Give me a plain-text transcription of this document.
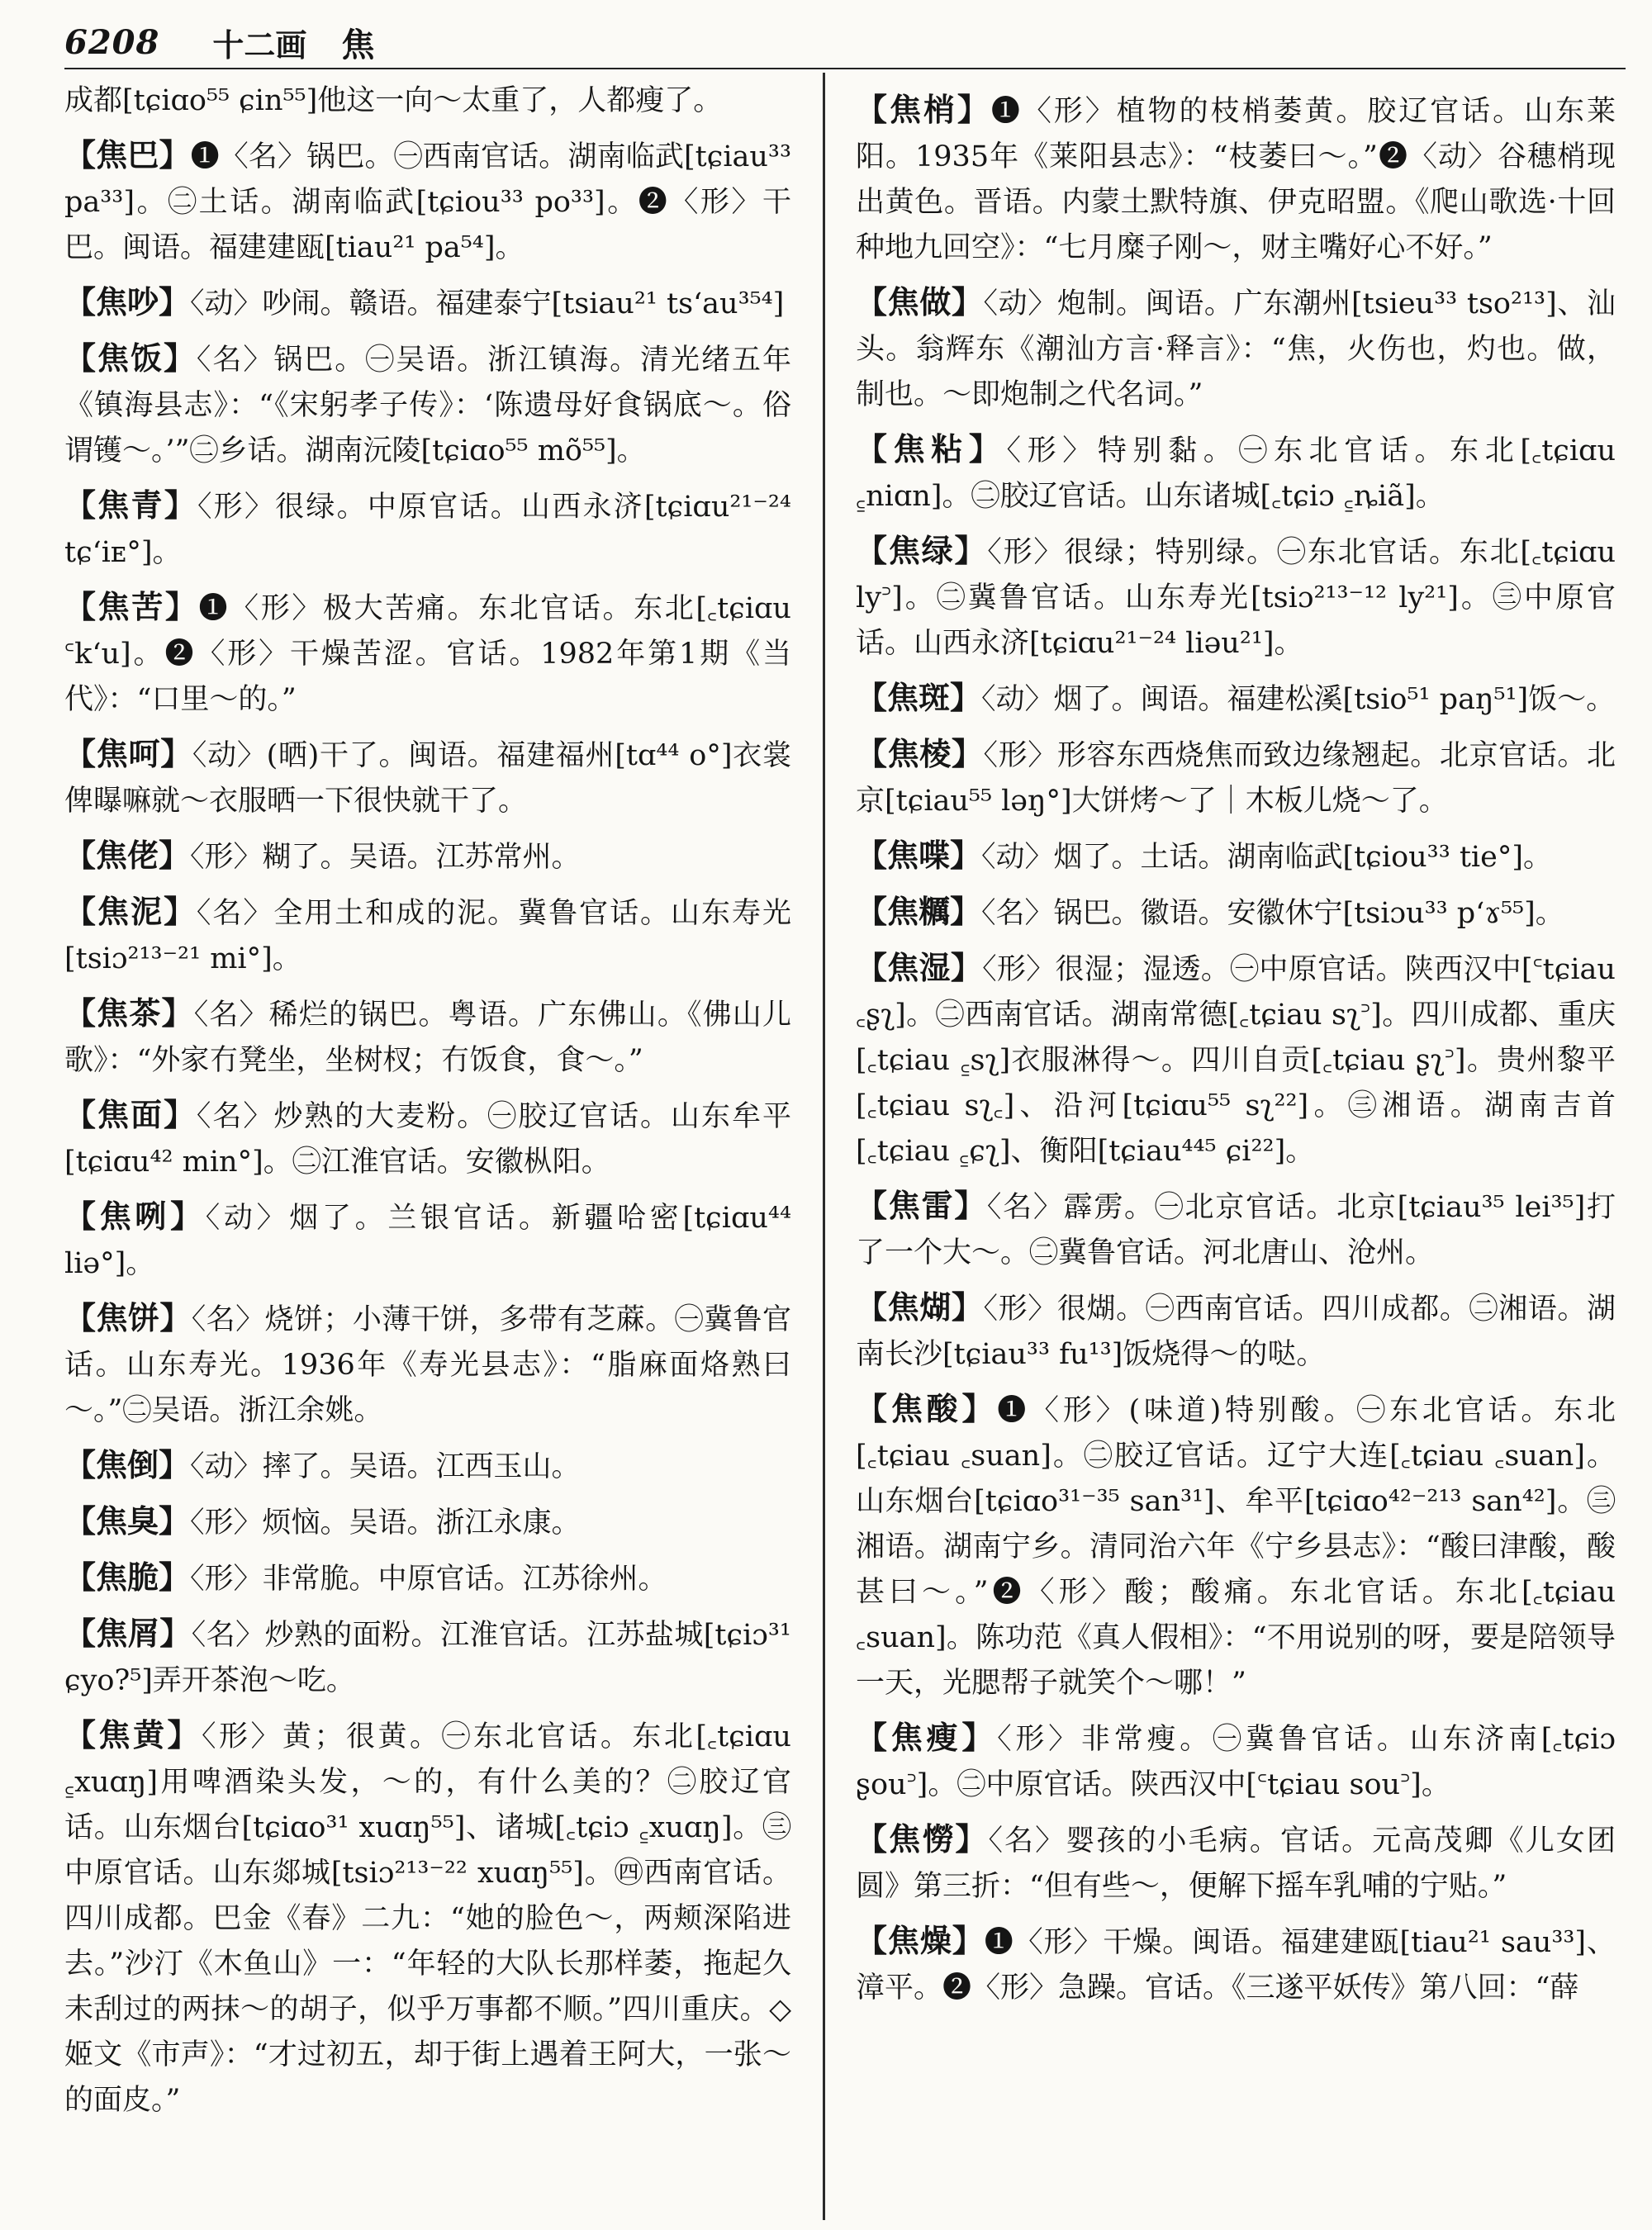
6208 十二画 焦
成都[tɕiɑo⁵⁵ ɕin⁵⁵]他这一向～太重了，人都瘦了。
【焦巴】❶〈名〉锅巴。㊀西南官话。湖南临武[tɕiau³³ pa³³]。㊁土话。湖南临武[tɕiou³³ po³³]。❷〈形〉干巴。闽语。福建建瓯[tiau²¹ pa⁵⁴]。
【焦吵】〈动〉吵闹。赣语。福建泰宁[tsiau²¹ ts‘au³⁵⁴]
【焦饭】〈名〉锅巴。㊀吴语。浙江镇海。清光绪五年《镇海县志》：“《宋躬孝子传》：‘陈遗母好食锅底～。俗谓镬～。’”㊁乡话。湖南沅陵[tɕiɑo⁵⁵ mõ⁵⁵]。
【焦青】〈形〉很绿。中原官话。山西永济[tɕiɑu²¹⁻²⁴ tɕ‘iᴇ°]。
【焦苦】❶〈形〉极大苦痛。东北官话。东北[꜀tɕiɑu ꜂k‘u]。❷〈形〉干燥苦涩。官话。1982年第1期《当代》：“口里～的。”
【焦呵】〈动〉(晒)干了。闽语。福建福州[tɑ⁴⁴ o°]衣裳俾曝嘛就～衣服晒一下很快就干了。
【焦佬】〈形〉糊了。吴语。江苏常州。
【焦泥】〈名〉全用土和成的泥。冀鲁官话。山东寿光[tsiɔ²¹³⁻²¹ mi°]。
【焦茶】〈名〉稀烂的锅巴。粤语。广东佛山。《佛山儿歌》：“外家冇凳坐，坐树杈；冇饭食，食～。”
【焦面】〈名〉炒熟的大麦粉。㊀胶辽官话。山东牟平[tɕiɑu⁴² min°]。㊁江淮官话。安徽枞阳。
【焦咧】〈动〉烟了。兰银官话。新疆哈密[tɕiɑu⁴⁴ liə°]。
【焦饼】〈名〉烧饼；小薄干饼，多带有芝蔴。㊀冀鲁官话。山东寿光。1936年《寿光县志》：“脂麻面烙熟曰～。”㊁吴语。浙江余姚。
【焦倒】〈动〉摔了。吴语。江西玉山。
【焦臭】〈形〉烦恼。吴语。浙江永康。
【焦脆】〈形〉非常脆。中原官话。江苏徐州。
【焦屑】〈名〉炒熟的面粉。江淮官话。江苏盐城[tɕiɔ³¹ ɕyo?⁵]弄开茶泡～吃。
【焦黄】〈形〉黄；很黄。㊀东北官话。东北[꜀tɕiɑu ꜁xuɑŋ]用啤酒染头发，～的，有什么美的？㊁胶辽官话。山东烟台[tɕiɑo³¹ xuɑŋ⁵⁵]、诸城[꜀tɕiɔ ꜁xuɑŋ]。㊂中原官话。山东郯城[tsiɔ²¹³⁻²² xuɑŋ⁵⁵]。㊃西南官话。四川成都。巴金《春》二九：“她的脸色～，两颊深陷进去。”沙汀《木鱼山》一：“年轻的大队长那样萎，拖起久未刮过的两抹～的胡子，似乎万事都不顺。”四川重庆。◇姬文《市声》：“才过初五，却于街上遇着王阿大，一张～的面皮。”
【焦梢】❶〈形〉植物的枝梢萎黄。胶辽官话。山东莱阳。1935年《莱阳县志》：“枝萎曰～。”❷〈动〉谷穗梢现出黄色。晋语。内蒙土默特旗、伊克昭盟。《爬山歌选·十回种地九回空》：“七月糜子刚～，财主嘴好心不好。”
【焦做】〈动〉炮制。闽语。广东潮州[tsieu³³ tso²¹³]、汕头。翁辉东《潮汕方言·释言》：“焦，火伤也，灼也。做，制也。～即炮制之代名词。”
【焦粘】〈形〉特别黏。㊀东北官话。东北[꜀tɕiɑu ꜁niɑn]。㊁胶辽官话。山东诸城[꜀tɕiɔ ꜁ȵiã]。
【焦绿】〈形〉很绿；特别绿。㊀东北官话。东北[꜀tɕiɑu ly꜄]。㊁冀鲁官话。山东寿光[tsiɔ²¹³⁻¹² ly²¹]。㊂中原官话。山西永济[tɕiɑu²¹⁻²⁴ liəu²¹]。
【焦斑】〈动〉烟了。闽语。福建松溪[tsio⁵¹ paŋ⁵¹]饭～。
【焦棱】〈形〉形容东西烧焦而致边缘翘起。北京官话。北京[tɕiau⁵⁵ ləŋ°]大饼烤～了｜木板儿烧～了。
【焦喋】〈动〉烟了。土话。湖南临武[tɕiou³³ tie°]。
【焦糲】〈名〉锅巴。徽语。安徽休宁[tsiɔu³³ p‘ɤ⁵⁵]。
【焦湿】〈形〉很湿；湿透。㊀中原官话。陕西汉中[꜂tɕiau ꜀ʂʅ]。㊁西南官话。湖南常德[꜀tɕiau sʅ꜄]。四川成都、重庆[꜀tɕiau ꜁sʅ]衣服淋得～。四川自贡[꜀tɕiau ʂʅ꜄]。贵州黎平[꜀tɕiau sʅ꜀]、沿河[tɕiɑu⁵⁵ sʅ²²]。㊂湘语。湖南吉首[꜀tɕiau ꜁ɕʅ]、衡阳[tɕiau⁴⁴⁵ ɕi²²]。
【焦雷】〈名〉霹雳。㊀北京官话。北京[tɕiau³⁵ lei³⁵]打了一个大～。㊁冀鲁官话。河北唐山、沧州。
【焦煳】〈形〉很煳。㊀西南官话。四川成都。㊁湘语。湖南长沙[tɕiau³³ fu¹³]饭烧得～的哒。
【焦酸】❶〈形〉(味道)特别酸。㊀东北官话。东北[꜀tɕiau ꜀suan]。㊁胶辽官话。辽宁大连[꜀tɕiau ꜀suan]。山东烟台[tɕiɑo³¹⁻³⁵ san³¹]、牟平[tɕiɑo⁴²⁻²¹³ san⁴²]。㊂湘语。湖南宁乡。清同治六年《宁乡县志》：“酸曰津酸，酸甚曰～。”❷〈形〉酸；酸痛。东北官话。东北[꜀tɕiau ꜀suan]。陈功范《真人假相》：“不用说别的呀，要是陪领导一天，光腮帮子就笑个～哪！”
【焦瘦】〈形〉非常瘦。㊀冀鲁官话。山东济南[꜀tɕiɔ ʂou꜄]。㊁中原官话。陕西汉中[꜂tɕiau sou꜄]。
【焦憦】〈名〉婴孩的小毛病。官话。元高茂卿《儿女团圆》第三折：“但有些～，便解下摇车乳哺的宁贴。”
【焦燥】❶〈形〉干燥。闽语。福建建瓯[tiau²¹ sau³³]、漳平。❷〈形〉急躁。官话。《三遂平妖传》第八回：“薛
